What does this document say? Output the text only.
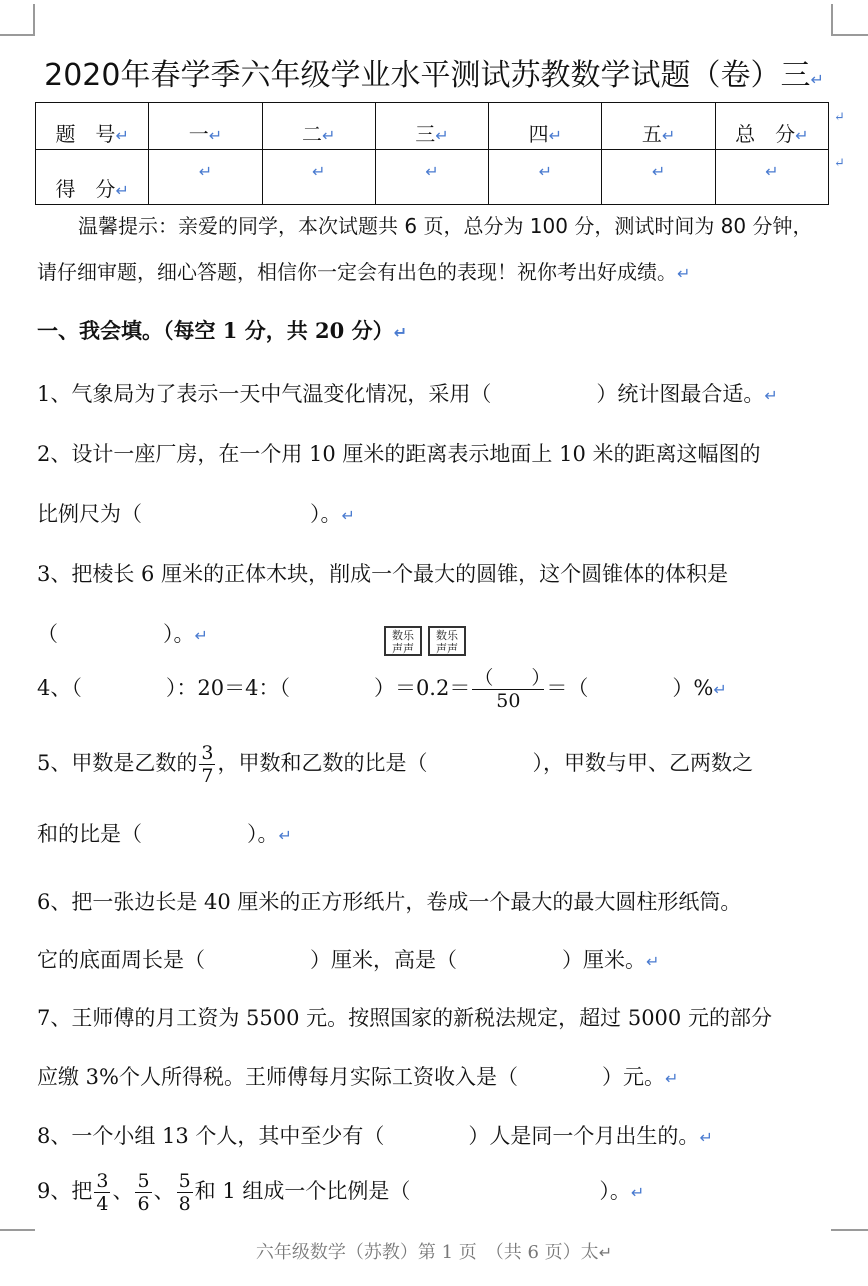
2020年春学季六年级学业水平测试苏教数学试题（卷）三↵
题　号↵	一↵	二↵	三↵	四↵	五↵	总　分↵
得　分↵	↵	↵	↵	↵	↵	↵
↵
↵
温馨提示：亲爱的同学，本次试题共 6 页，总分为 100 分，测试时间为 80 分钟，
请仔细审题，细心答题，相信你一定会有出色的表现！祝你考出好成绩。↵
一、我会填。（每空 1 分，共 20 分）↵
1、气象局为了表示一天中气温变化情况，采用（　　　　　）统计图最合适。↵
2、设计一座厂房，在一个用 10 厘米的距离表示地面上 10 米的距离这幅图的
比例尺为（　　　　　　　　）。↵
3、把棱长 6 厘米的正体木块，削成一个最大的圆锥，这个圆锥体的体积是
（　　　　　）。↵	数乐
声声数乐
声声
4、（　　　　）：20＝4：（　　　　）$=0.2= \frac{( )}{50}$ ＝（　　　　）%↵
5、甲数是乙数的 $\frac{3}{7}$ ，甲数和乙数的比是（　　　　　），甲数与甲、乙两数之
和的比是（　　　　　）。↵
6、把一张边长是 40 厘米的正方形纸片，卷成一个最大的最大圆柱形纸筒。
它的底面周长是（　　　　　）厘米，高是（　　　　　）厘米。↵
7、王师傅的月工资为 5500 元。按照国家的新税法规定，超过 5000 元的部分
应缴 3%个人所得税。王师傅每月实际工资收入是（　　　　）元。↵
8、一个小组 13 个人，其中至少有（　　　　）人是同一个月出生的。↵
9、把 $\frac{3}{4}$ 、 $\frac{5}{6}$ 、 $\frac{5}{8}$ 和 1 组成一个比例是（　　　　　　　　　）。↵
六年级数学（苏教）第 1 页　（共 6 页）太↵
